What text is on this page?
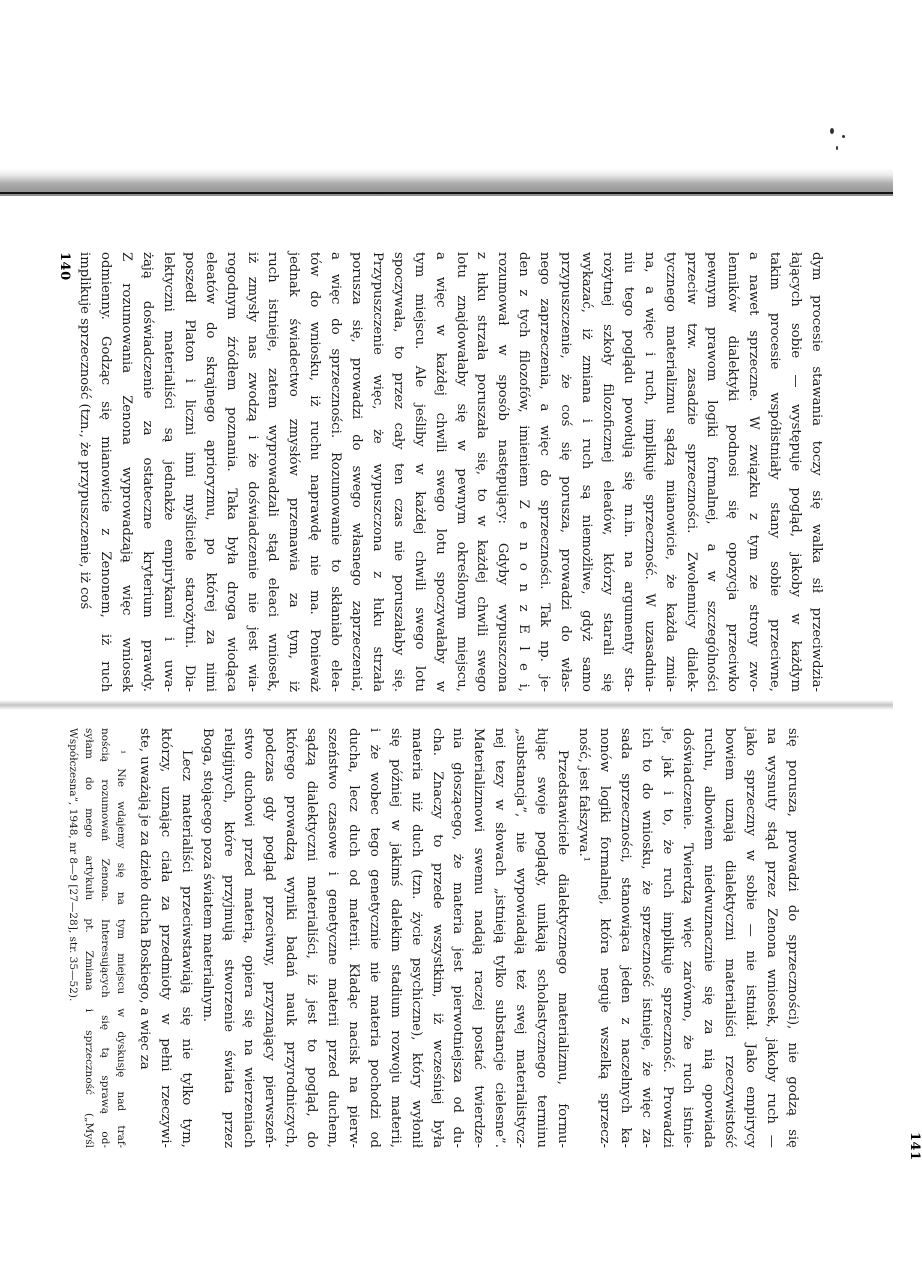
140
141

dym procesie stawania toczy się walka sił przeciwdzia-

łających sobie — występuje pogląd, jakoby w każdym

takim procesie współistniały stany sobie przeciwne,

a nawet sprzeczne. W związku z tym ze strony zwo-

lenników dialektyki podnosi się opozycja przeciwko

pewnym prawom logiki formalnej, a w szczególności

przeciw tzw. zasadzie sprzeczności. Zwolennicy dialek-

tycznego materializmu sądzą mianowicie, że każda zmia-

na, a więc i ruch, implikuje sprzeczność. W uzasadnia-

niu tego poglądu powołują się m.in. na argumenty sta-

rożytnej szkoły filozoficznej eleatów, którzy starali się

wykazać, iż zmiana i ruch są niemożliwe, gdyż samo

przypuszczenie, że coś się porusza, prowadzi do włas-

nego zaprzeczenia, a więc do sprzeczności. Tak np. je-

den z tych filozofów, imieniem Z e n o n z E l e i,

rozumował w sposób następujący: Gdyby wypuszczona

z łuku strzała poruszała się, to w każdej chwili swego

lotu znajdowałaby się w pewnym określonym miejscu,

a więc w każdej chwili swego lotu spoczywałaby w

tym miejscu. Ale jeśliby w każdej chwili swego lotu

spoczywała, to przez cały ten czas nie poruszałaby się.

Przypuszczenie więc, że wypuszczona z łuku strzała

porusza się, prowadzi do swego własnego zaprzeczenia,

a więc do sprzeczności. Rozumowanie to skłaniało elea-

tów do wniosku, iż ruchu naprawdę nie ma. Ponieważ

jednak świadectwo zmysłów przemawia za tym, iż

ruch istnieje, zatem wyprowadzali stąd eleaci wniosek,

iż zmysły nas zwodzą i że doświadczenie nie jest wia-

rogodnym źródłem poznania. Taka była droga wiodąca

eleatów do skrajnego aprioryzmu, po której za nimi

poszedł Platon i liczni inni myśliciele starożytni. Dia-

lektyczni materialiści są jednakże empirykami i uwa-

żają doświadczenie za ostateczne kryterium prawdy.

Z rozumowania Zenona wyprowadzają więc wniosek

odmienny. Godząc się mianowicie z Zenonem, iż ruch

implikuje sprzeczność (tzn., że przypuszczenie, iż coś

się porusza, prowadzi do sprzeczności), nie godzą się

na wysnuty stąd przez Zenona wniosek, jakoby ruch —

jako sprzeczny w sobie — nie istniał. Jako empirycy

bowiem uznają dialektyczni materialiści rzeczywistość

ruchu, albowiem niedwuznacznie się za nią opowiada

doświadczenie. Twierdzą więc zarówno, że ruch istnie-

je, jak i to, że ruch implikuje sprzeczność. Prowadzi

ich to do wniosku, że sprzeczność istnieje, że więc za-

sada sprzeczności, stanowiąca jeden z naczelnych ka-

nonów logiki formalnej, która neguje wszelką sprzecz-

ność, jest fałszywa.¹

Przedstawiciele dialektycznego materializmu, formu-

łując swoje poglądy, unikają scholastycznego terminu

„substancja”, nie wypowiadają też swej materialistycz-

nej tezy w słowach „istnieją tylko substancje cielesne”.

Materializmowi swemu nadają raczej postać twierdze-

nia głoszącego, że materia jest pierwotniejsza od du-

cha. Znaczy to przede wszystkim, iż wcześniej była

materia niż duch (tzn. życie psychiczne), który wyłonił

się później w jakimś dalekim stadium rozwoju materii,

i że wobec tego genetycznie nie materia pochodzi od

ducha, lecz duch od materii. Kładąc nacisk na pierw-

szeństwo czasowe i genetyczne materii przed duchem,

sądzą dialektyczni materialiści, iż jest to pogląd, do

którego prowadzą wyniki badań nauk przyrodniczych,

podczas gdy pogląd przeciwny, przyznający pierwszeń-

stwo duchowi przed materią, opiera się na wierzeniach

religijnych, które przyjmują stworzenie świata przez

Boga, stojącego poza światem materialnym.

Lecz materialiści przeciwstawiają się nie tylko tym,

którzy, uznając ciała za przedmioty w pełni rzeczywi-

ste, uważają je za dzieło ducha Boskiego, a więc za

¹ Nie wdajemy się na tym miejscu w dyskusję nad traf-

nością rozumowań Zenona. Interesujących się tą sprawą od-

syłam do mego artykułu pt. Zmiana i sprzeczność („Myśl

Współczesna”, 1948, nr 8—9 [27—28], str. 35—52).
